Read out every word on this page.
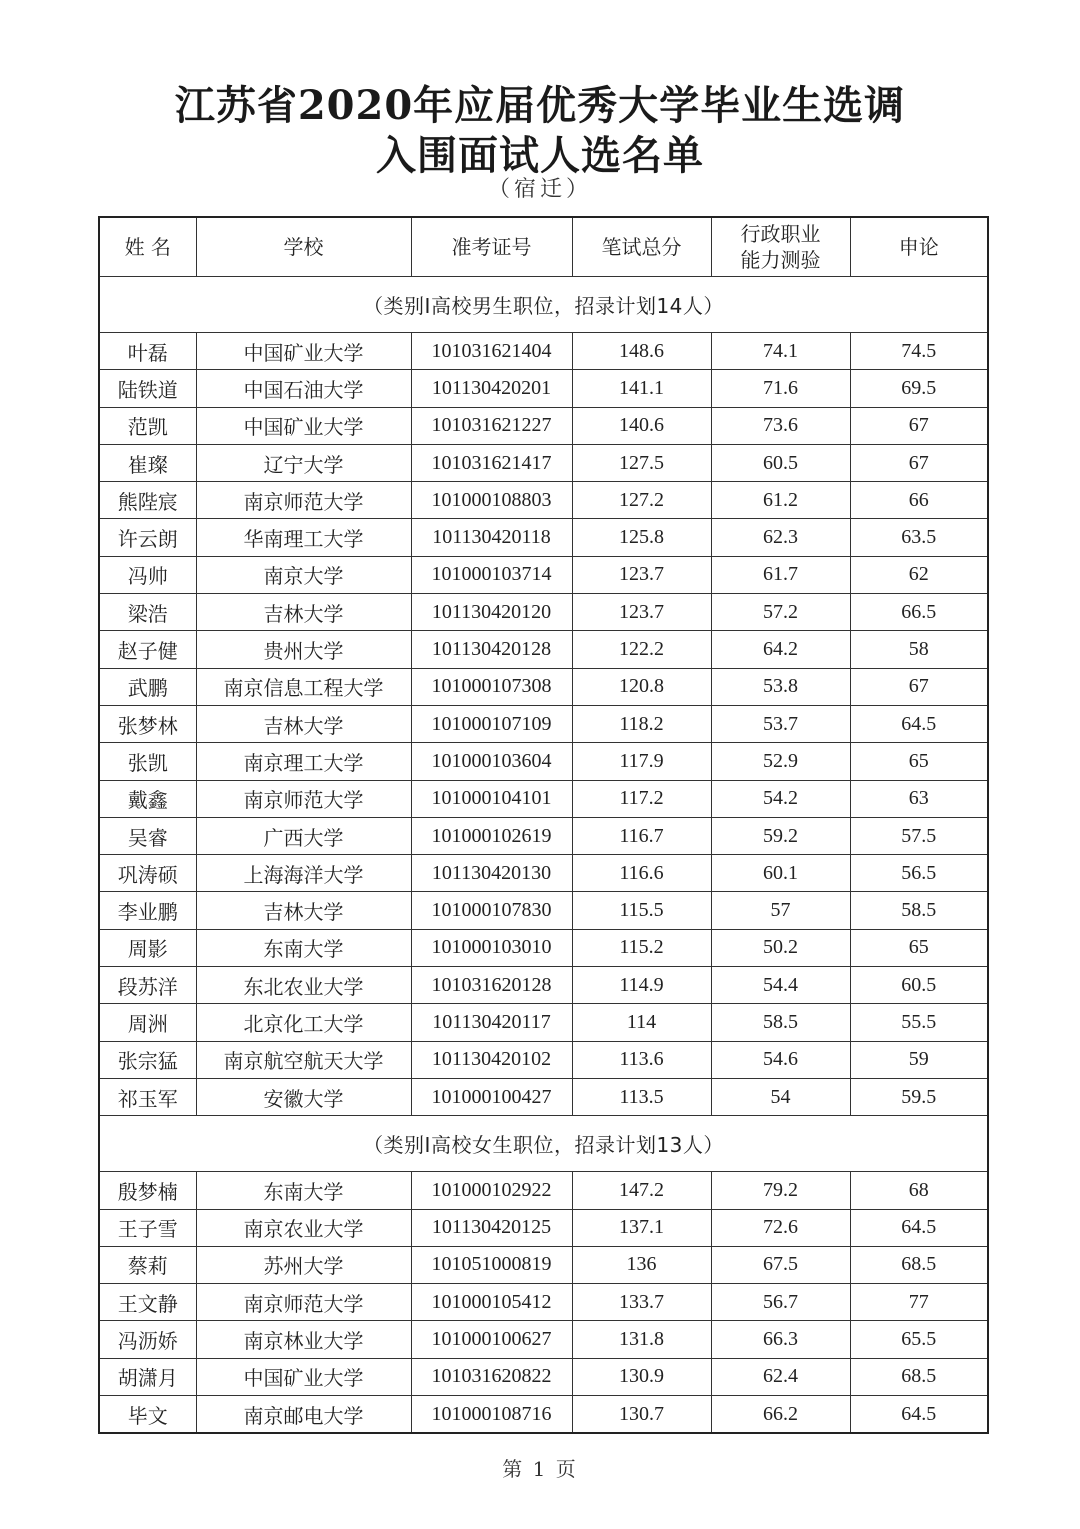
江苏省2020年应届优秀大学毕业生选调
入围面试人选名单
（宿迁）
姓 名	学校	准考证号	笔试总分	行政职业能力测验	申论
（类别I高校男生职位，招录计划14人）					
叶磊	中国矿业大学	101031621404	148.6	74.1	74.5
陆铁道	中国石油大学	101130420201	141.1	71.6	69.5
范凯	中国矿业大学	101031621227	140.6	73.6	67
崔璨	辽宁大学	101031621417	127.5	60.5	67
熊陛宸	南京师范大学	101000108803	127.2	61.2	66
许云朗	华南理工大学	101130420118	125.8	62.3	63.5
冯帅	南京大学	101000103714	123.7	61.7	62
梁浩	吉林大学	101130420120	123.7	57.2	66.5
赵子健	贵州大学	101130420128	122.2	64.2	58
武鹏	南京信息工程大学	101000107308	120.8	53.8	67
张梦林	吉林大学	101000107109	118.2	53.7	64.5
张凯	南京理工大学	101000103604	117.9	52.9	65
戴鑫	南京师范大学	101000104101	117.2	54.2	63
吴睿	广西大学	101000102619	116.7	59.2	57.5
巩涛硕	上海海洋大学	101130420130	116.6	60.1	56.5
李业鹏	吉林大学	101000107830	115.5	57	58.5
周影	东南大学	101000103010	115.2	50.2	65
段苏洋	东北农业大学	101031620128	114.9	54.4	60.5
周洲	北京化工大学	101130420117	114	58.5	55.5
张宗猛	南京航空航天大学	101130420102	113.6	54.6	59
祁玉军	安徽大学	101000100427	113.5	54	59.5
（类别I高校女生职位，招录计划13人）					
殷梦楠	东南大学	101000102922	147.2	79.2	68
王子雪	南京农业大学	101130420125	137.1	72.6	64.5
蔡莉	苏州大学	101051000819	136	67.5	68.5
王文静	南京师范大学	101000105412	133.7	56.7	77
冯沥娇	南京林业大学	101000100627	131.8	66.3	65.5
胡潇月	中国矿业大学	101031620822	130.9	62.4	68.5
毕文	南京邮电大学	101000108716	130.7	66.2	64.5
第 1 页
